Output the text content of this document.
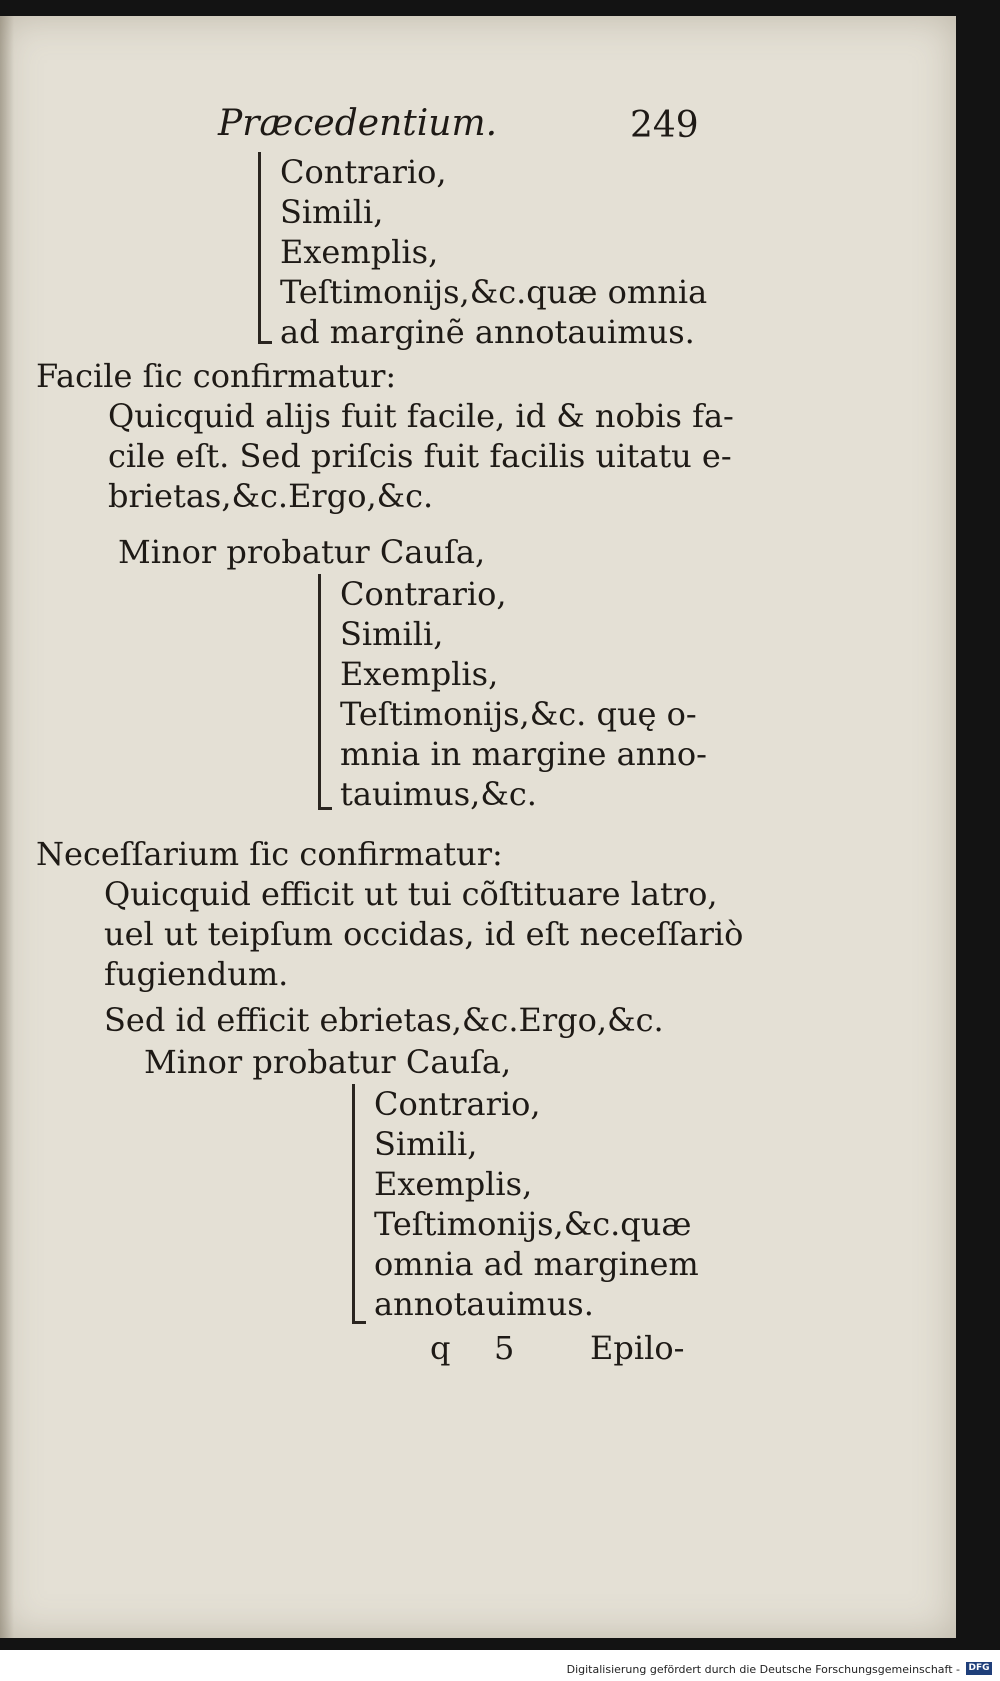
Præcedentium.	249
Contrario,
Simili,
Exemplis,
Teſtimonijs,&c.quæ omnia
ad marginẽ annotauimus.
Facile ſic confirmatur:
Quicquid alijs fuit facile, id & nobis fa-
cile eſt. Sed priſcis fuit facilis uitatu e-
brietas,&c.Ergo,&c.
Minor probatur Cauſa,
Contrario,
Simili,
Exemplis,
Teſtimonijs,&c. quę o-
mnia in margine anno-
tauimus,&c.
Neceſſarium ſic confirmatur:
Quicquid efficit ut tui cõſtituare latro,
uel ut teipſum occidas, id eſt neceſſariò
fugiendum.
Sed id efficit ebrietas,&c.Ergo,&c.
Minor probatur Cauſa,
Contrario,
Simili,
Exemplis,
Teſtimonijs,&c.quæ
omnia ad marginem
annotauimus.
q 5 Epilo-
Digitalisierung gefördert durch die Deutsche Forschungsgemeinschaft - DFG
